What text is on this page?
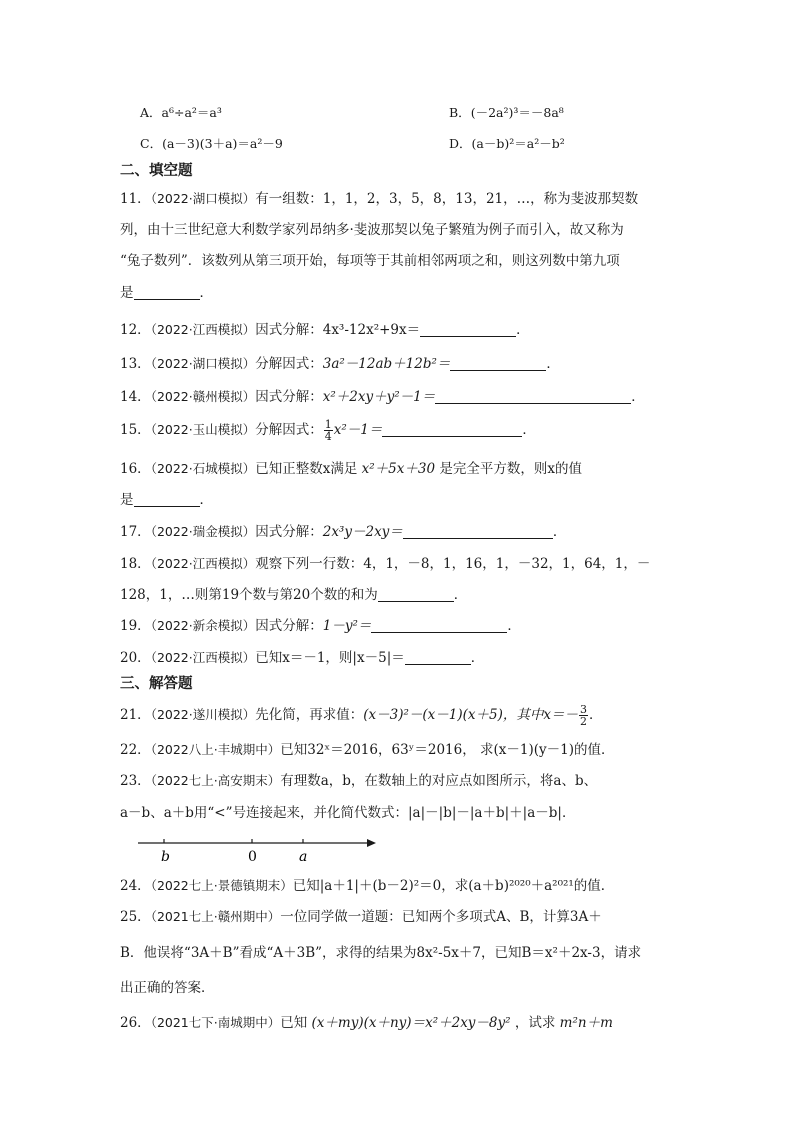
A．a⁶÷a²＝a³	B．(－2a²)³＝－8a⁸
C．(a－3)(3＋a)＝a²－9	D．(a－b)²＝a²－b²
二、填空题
11．（2022·湖口模拟）有一组数：1，1，2，3，5，8，13，21，…，称为斐波那契数
列，由十三世纪意大利数学家列昂纳多·斐波那契以兔子繁殖为例子而引入，故又称为
“兔子数列”．该数列从第三项开始，每项等于其前相邻两项之和，则这列数中第九项
是	．
12．（2022·江西模拟）因式分解：4x³-12x²+9x＝	．
13．（2022·湖口模拟）分解因式：3a²－12ab＋12b²＝	．
14．（2022·赣州模拟）因式分解：x²＋2xy＋y²－1＝	．
15．（2022·玉山模拟）分解因式： $\frac{1}{4} x^2-1=$	．
16．（2022·石城模拟）已知正整数x满足 x²＋5x＋30 是完全平方数，则x的值
是	．
17．（2022·瑞金模拟）因式分解：2x³y－2xy＝	．
18．（2022·江西模拟）观察下列一行数：4，1，－8，1，16，1，－32，1，64，1，－
128，1，…则第19个数与第20个数的和为	．
19．（2022·新余模拟）因式分解：1－y²＝	．
20．（2022·江西模拟）已知x＝－1，则|x－5|＝	．
三、解答题
21．（2022·遂川模拟）先化简，再求值：(x－3)²－(x－1)(x＋5)，其中$x=- \frac{3}{2}$ ．
22．（2022八上·丰城期中）已知32ˣ＝2016，63ʸ＝2016， 求(x－1)(y－1)的值．
23．（2022七上·高安期末）有理数a，b，在数轴上的对应点如图所示，将a、b、
a－b、a＋b用“<”号连接起来，并化简代数式：|a|－|b|－|a＋b|＋|a－b|．
b	0	a
24．（2022七上·景德镇期末）已知|a＋1|＋(b－2)²＝0，求(a＋b)²⁰²⁰＋a²⁰²¹的值．
25．（2021七上·赣州期中）一位同学做一道题：已知两个多项式A、B，计算3A＋
B．他误将“3A＋B”看成“A＋3B”，求得的结果为8x²-5x＋7，已知B＝x²＋2x-3，请求
出正确的答案．
26．（2021七下·南城期中）已知 (x＋my)(x＋ny)＝x²＋2xy－8y² ，试求 m²n＋m
